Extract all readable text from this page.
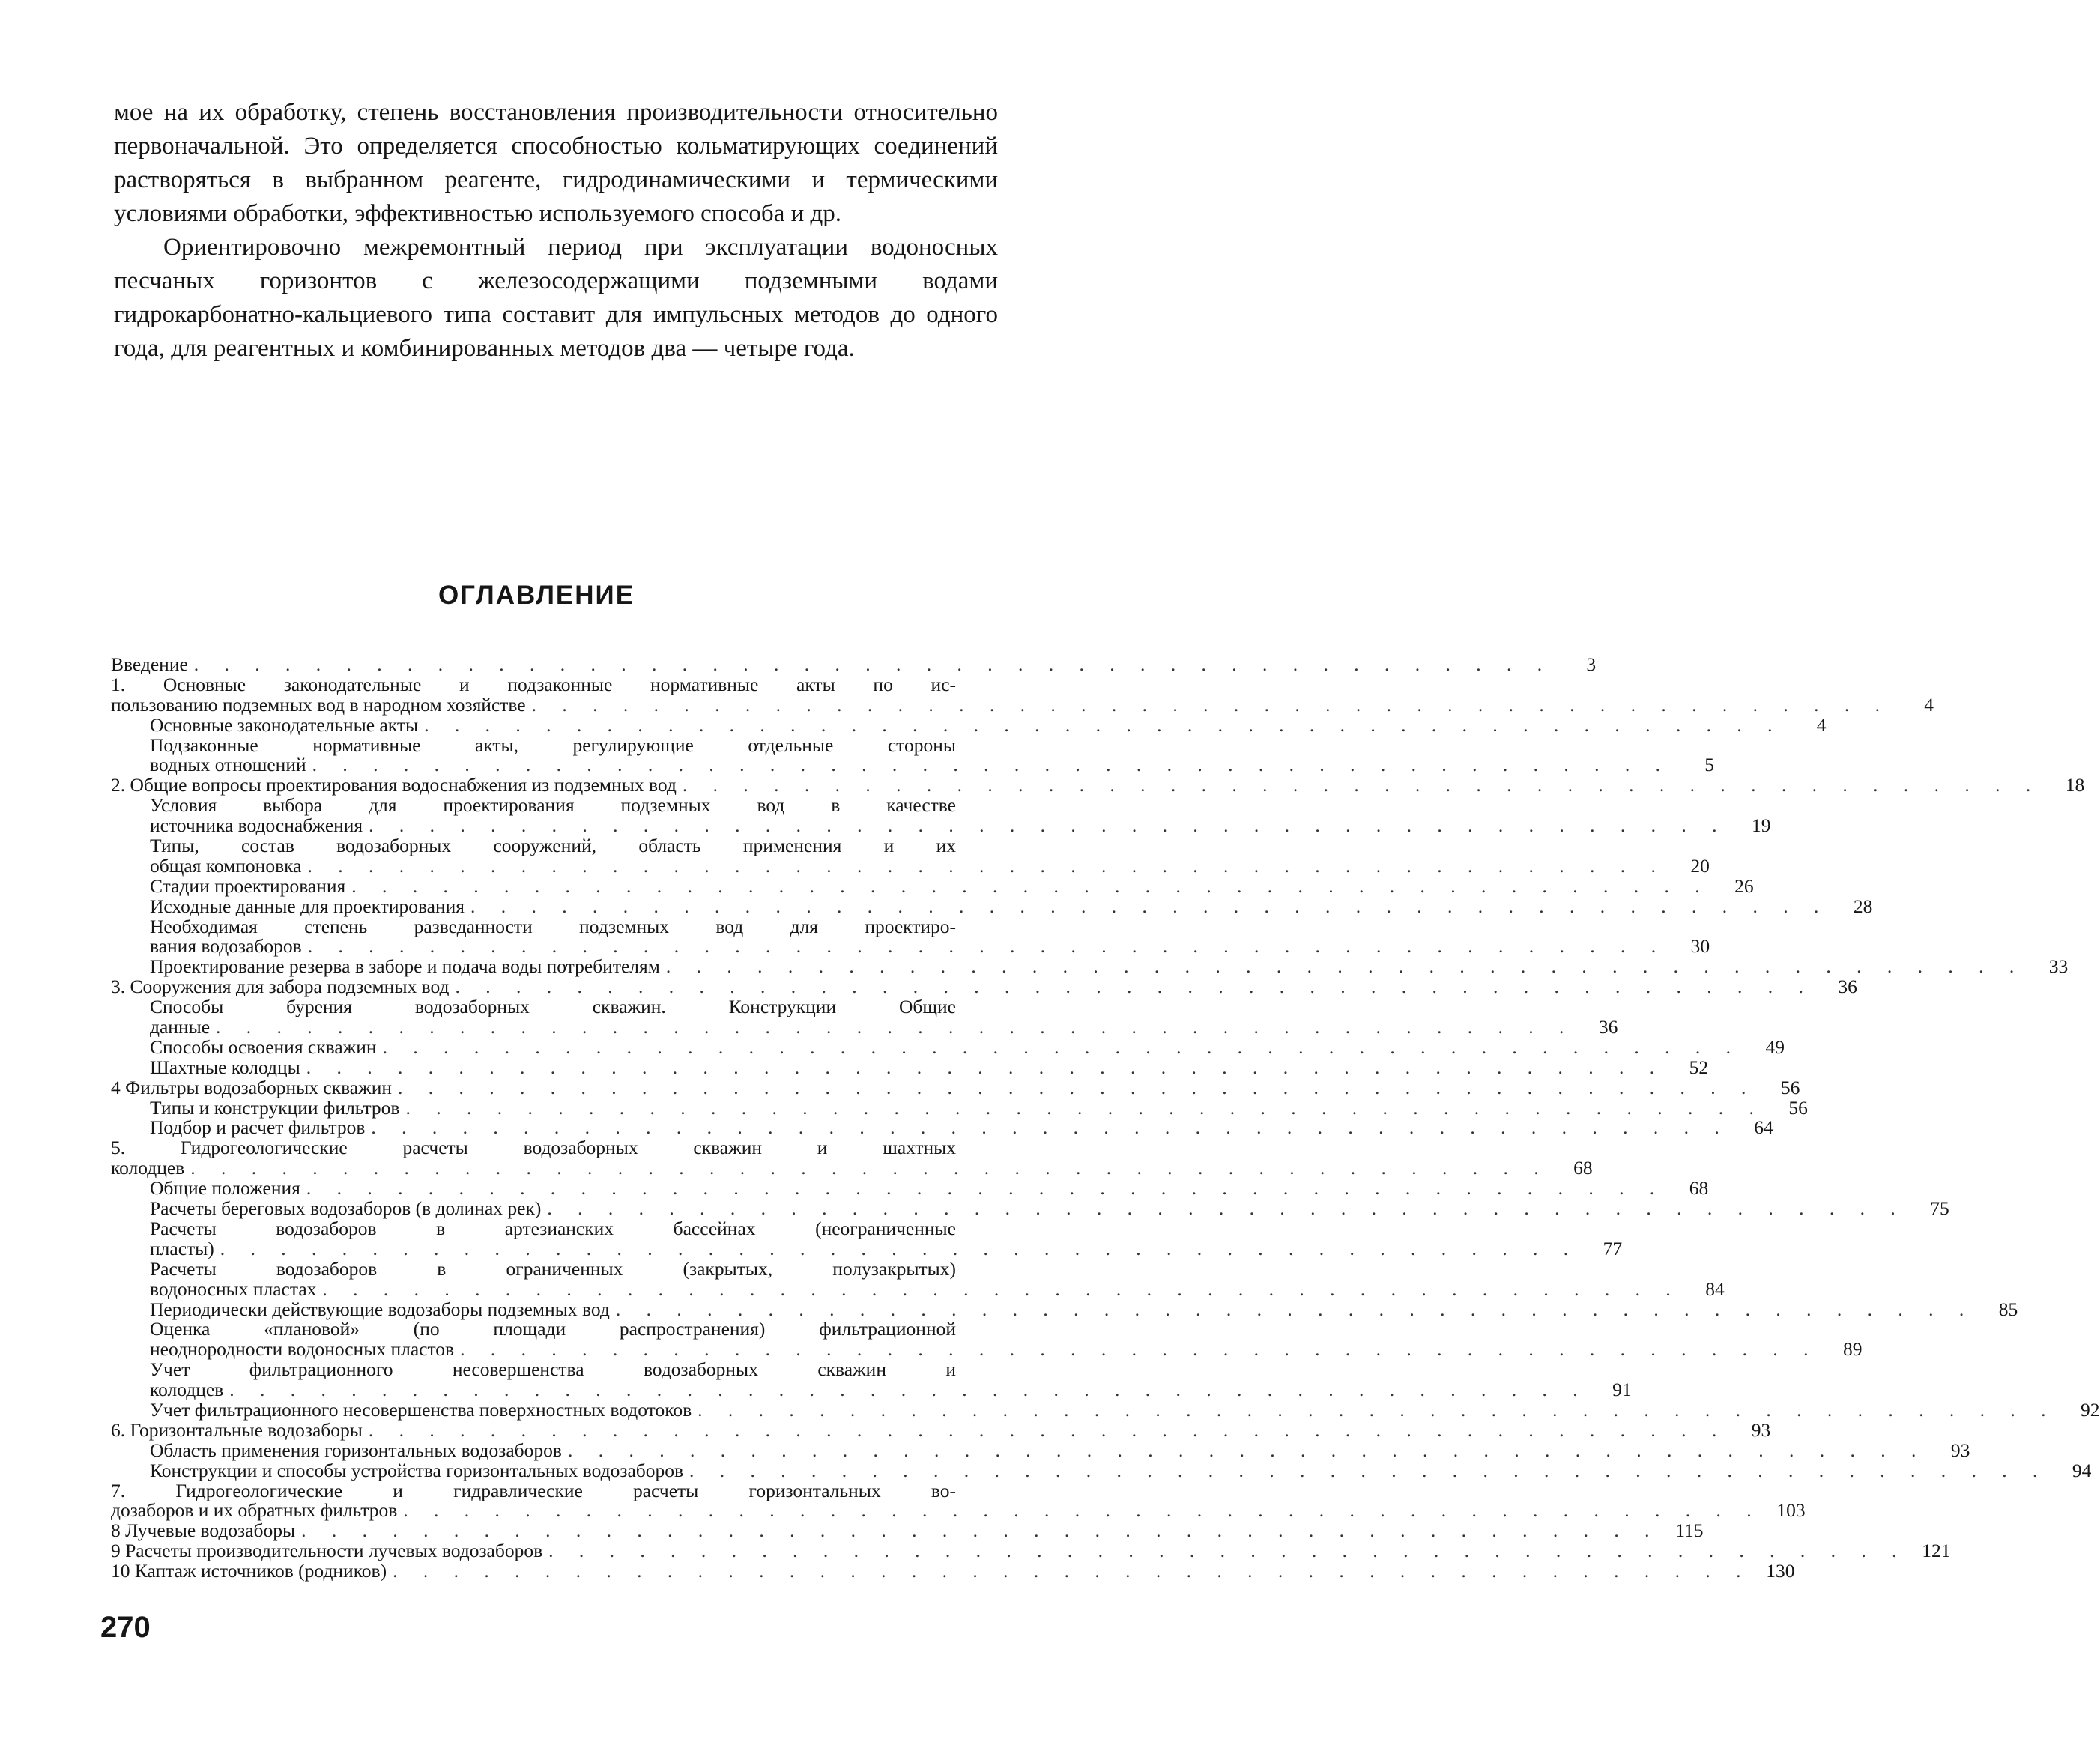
мое на их обработку, степень восстановления производительности относительно первоначальной. Это определяется способностью кольматирующих соединений растворяться в выбранном реагенте, гидродинамическими и термическими условиями обработки, эффективностью используемого способа и др.

Ориентировочно межремонтный период при эксплуатации водоносных песчаных горизонтов с железосодержащими подземными водами гидрокарбонатно-кальциевого типа составит для импульсных методов до одного года, для реагентных и комбинированных методов два — четыре года.

ОГЛАВЛЕНИЕ
Введение . . .	3
1. Основные законодательные и подзаконные нормативные акты по ис-
пользованию подземных вод в народном хозяйстве . . .	4
Основные законодательные акты . . .	4
Подзаконные нормативные акты, регулирующие отдельные стороны
водных отношений . . .	5
2. Общие вопросы проектирования водоснабжения из подземных вод . . .	18
Условия выбора для проектирования подземных вод в качестве
источника водоснабжения . . .	19
Типы, состав водозаборных сооружений, область применения и их
общая компоновка . . .	20
Стадии проектирования . . .	26
Исходные данные для проектирования . . .	28
Необходимая степень разведанности подземных вод для проектиро-
вания водозаборов . . .	30
Проектирование резерва в заборе и подача воды потребителям . . .	33
3. Сооружения для забора подземных вод . . .	36
Способы бурения водозаборных скважин. Конструкции Общие
данные . . .	36
Способы освоения скважин . . .	49
Шахтные колодцы . . .	52
4 Фильтры водозаборных скважин . . .	56
Типы и конструкции фильтров . . .	56
Подбор и расчет фильтров . . .	64
5. Гидрогеологические расчеты водозаборных скважин и шахтных
колодцев . . .	68
Общие положения . . .	68
Расчеты береговых водозаборов (в долинах рек) . . .	75
Расчеты водозаборов в артезианских бассейнах (неограниченные
пласты) . . .	77
Расчеты водозаборов в ограниченных (закрытых, полузакрытых)
водоносных пластах . . .	84
Периодически действующие водозаборы подземных вод . . .	85
Оценка «плановой» (по площади распространения) фильтрационной
неоднородности водоносных пластов . . .	89
Учет фильтрационного несовершенства водозаборных скважин и
колодцев . . .	91
Учет фильтрационного несовершенства поверхностных водотоков . . .	92
6. Горизонтальные водозаборы . . .	93
Область применения горизонтальных водозаборов . . .	93
Конструкции и способы устройства горизонтальных водозаборов . . .	94
7. Гидрогеологические и гидравлические расчеты горизонтальных во-
дозаборов и их обратных фильтров . . .	103
8 Лучевые водозаборы . . .	115
9 Расчеты производительности лучевых водозаборов . . .	121
10 Каптаж источников (родников) . . .	130
270
